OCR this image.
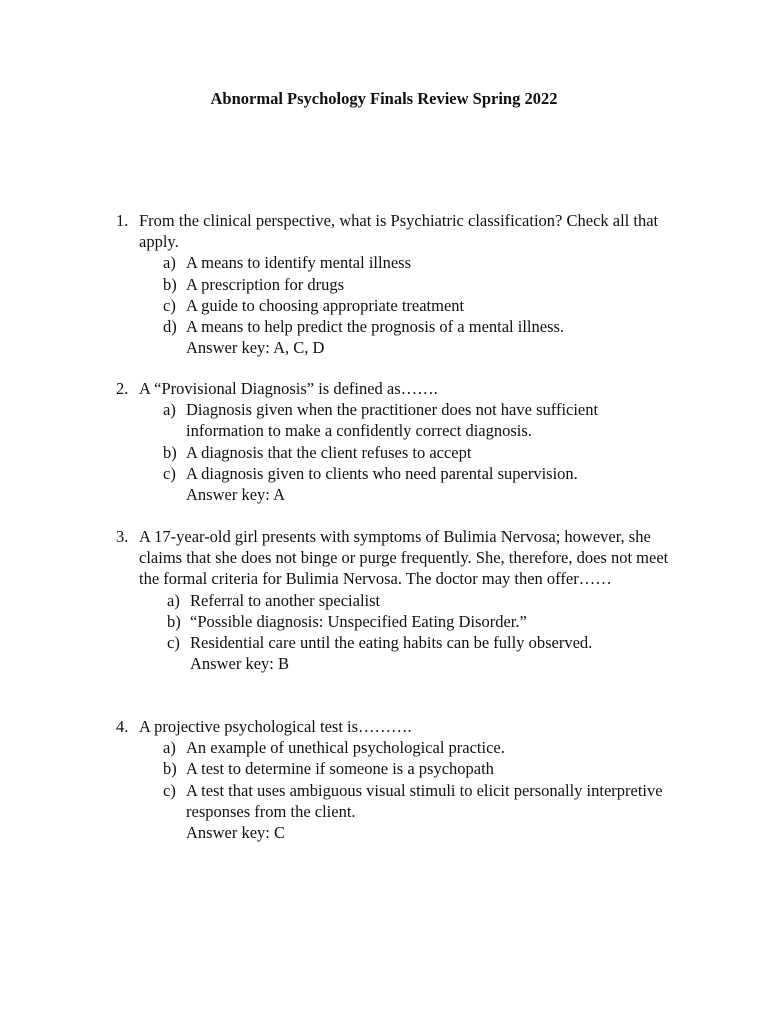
Abnormal Psychology Finals Review Spring 2022
1. From the clinical perspective, what is Psychiatric classification? Check all that apply.
a) A means to identify mental illness
b) A prescription for drugs
c) A guide to choosing appropriate treatment
d) A means to help predict the prognosis of a mental illness.
Answer key: A, C, D
2. A “Provisional Diagnosis” is defined as…….
a) Diagnosis given when the practitioner does not have sufficient information to make a confidently correct diagnosis.
b) A diagnosis that the client refuses to accept
c) A diagnosis given to clients who need parental supervision.
Answer key: A
3. A 17-year-old girl presents with symptoms of Bulimia Nervosa; however, she claims that she does not binge or purge frequently. She, therefore, does not meet the formal criteria for Bulimia Nervosa. The doctor may then offer……
a) Referral to another specialist
b) “Possible diagnosis: Unspecified Eating Disorder.”
c) Residential care until the eating habits can be fully observed.
Answer key: B
4. A projective psychological test is……….
a) An example of unethical psychological practice.
b) A test to determine if someone is a psychopath
c) A test that uses ambiguous visual stimuli to elicit personally interpretive responses from the client.
Answer key: C
